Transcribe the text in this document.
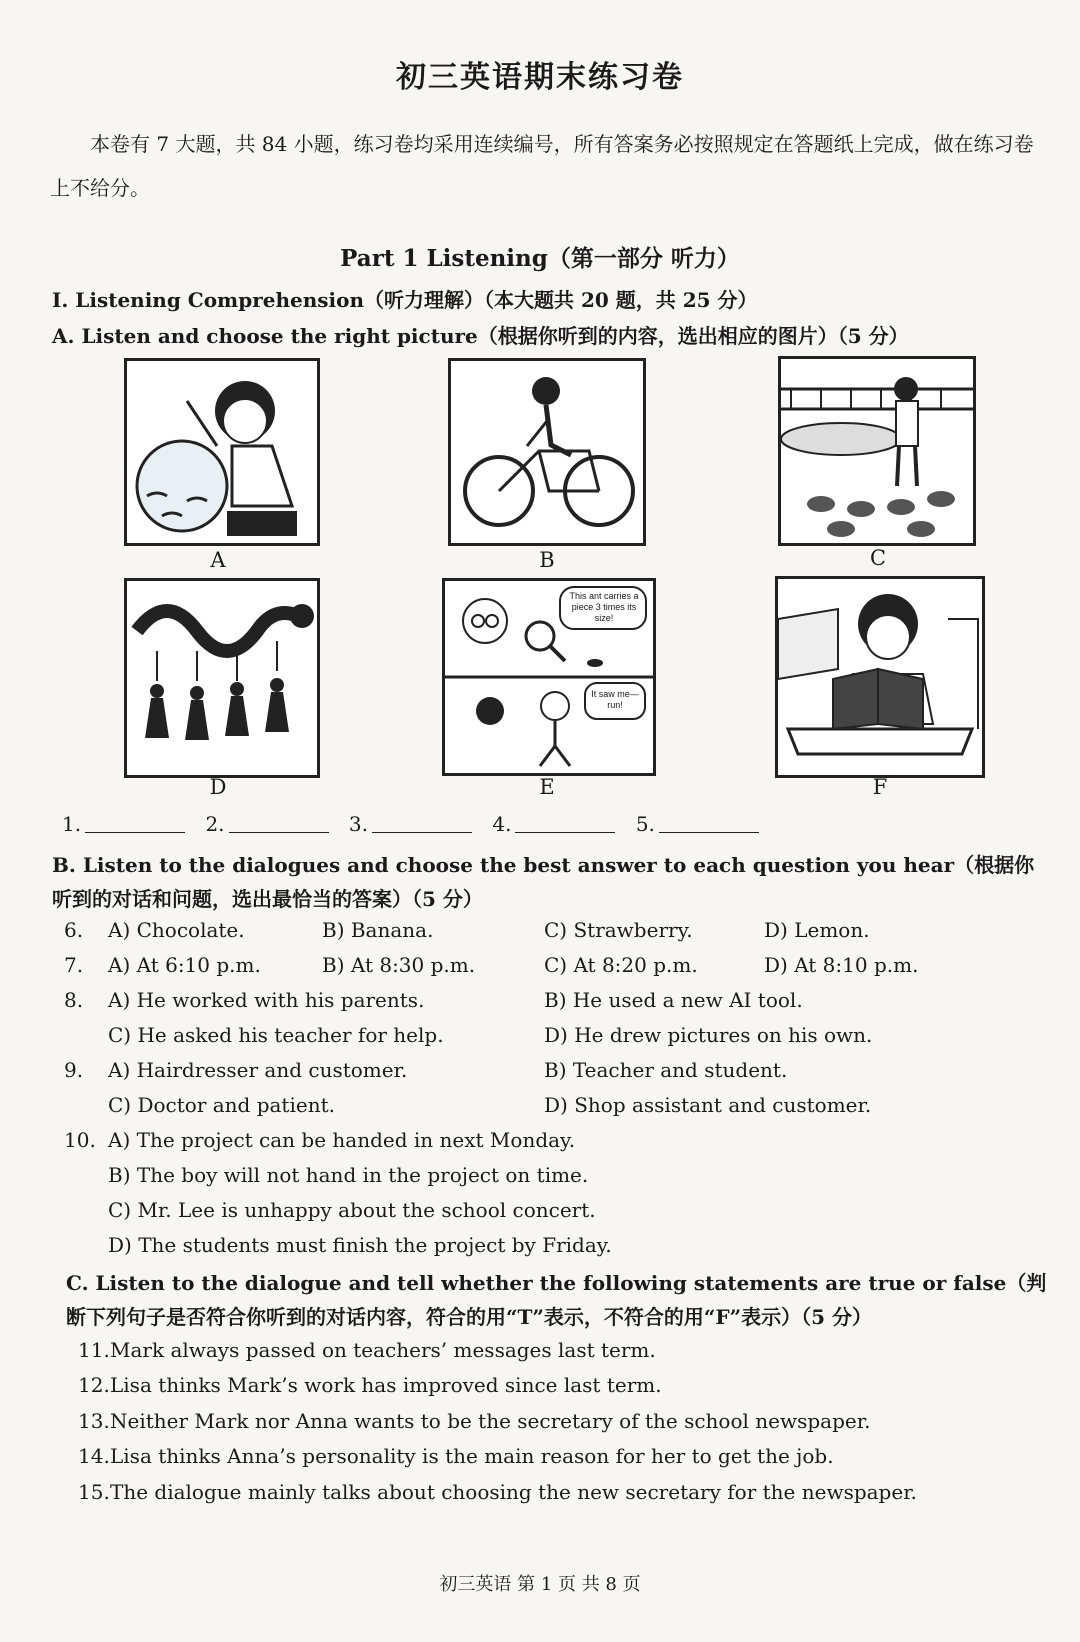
初三英语期末练习卷
本卷有 7 大题，共 84 小题，练习卷均采用连续编号，所有答案务必按照规定在答题纸上完成，做在练习卷上不给分。
Part 1 Listening（第一部分 听力）
I. Listening Comprehension（听力理解）（本大题共 20 题，共 25 分）
A. Listen and choose the right picture（根据你听到的内容，选出相应的图片）（5 分）
A	B	C
D
This ant carries a piece 3 times its size!
It saw me—run!
E	F
1.	2.	3.	4.	5.
B. Listen to the dialogues and choose the best answer to each question you hear（根据你听到的对话和问题，选出最恰当的答案）（5 分）
6. A) Chocolate.	B) Banana.	C) Strawberry.	D) Lemon.
7. A) At 6:10 p.m.	B) At 8:30 p.m.	C) At 8:20 p.m.	D) At 8:10 p.m.
8. A) He worked with his parents.	B) He used a new AI tool.
C) He asked his teacher for help.	D) He drew pictures on his own.
9. A) Hairdresser and customer.	B) Teacher and student.
C) Doctor and patient.	D) Shop assistant and customer.
10. A) The project can be handed in next Monday.
B) The boy will not hand in the project on time.
C) Mr. Lee is unhappy about the school concert.
D) The students must finish the project by Friday.
C. Listen to the dialogue and tell whether the following statements are true or false（判断下列句子是否符合你听到的对话内容，符合的用“T”表示，不符合的用“F”表示）（5 分）
11.Mark always passed on teachers’ messages last term.
12.Lisa thinks Mark’s work has improved since last term.
13.Neither Mark nor Anna wants to be the secretary of the school newspaper.
14.Lisa thinks Anna’s personality is the main reason for her to get the job.
15.The dialogue mainly talks about choosing the new secretary for the newspaper.
初三英语 第 1 页 共 8 页
